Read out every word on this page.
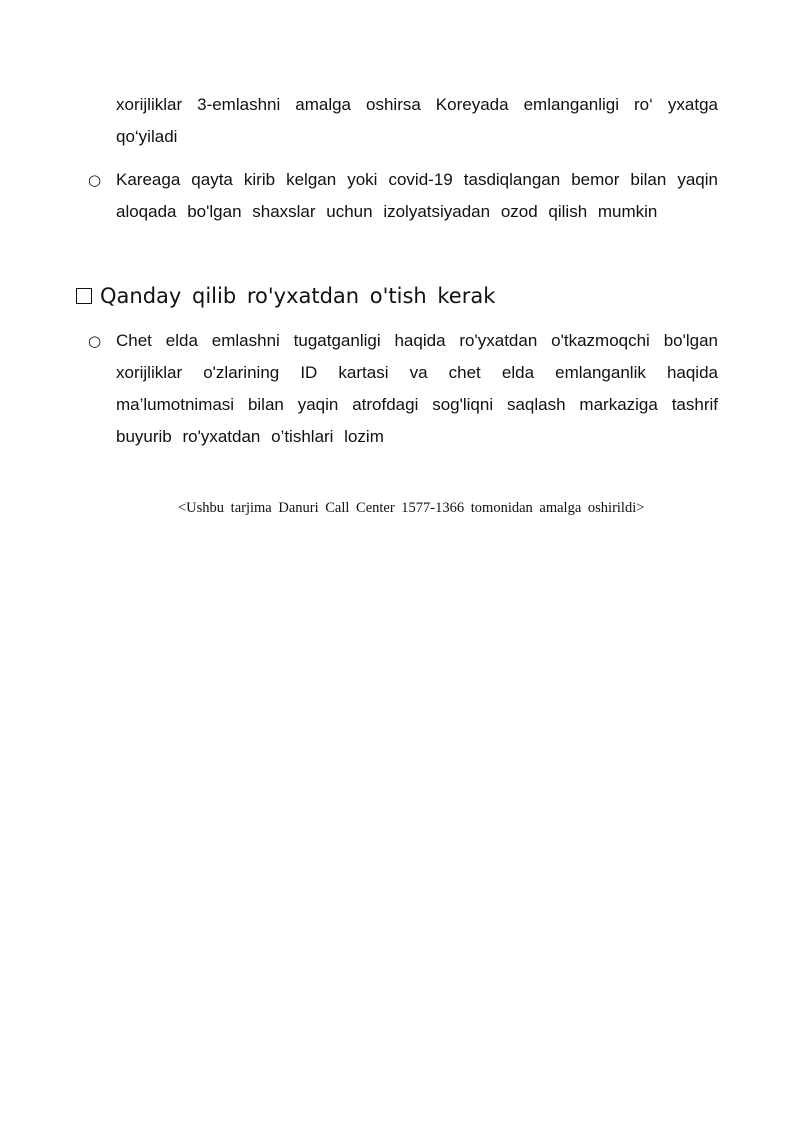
xorijliklar 3-emlashni amalga oshirsa Koreyada emlanganligi ro‘ yxatga qo‘yiladi
○ Kareaga qayta kirib kelgan yoki covid-19 tasdiqlangan bemor bilan yaqin aloqada bo'lgan shaxslar uchun izolyatsiyadan ozod qilish mumkin
Qanday qilib ro'yxatdan o'tish kerak
○ Chet elda emlashni tugatganligi haqida ro'yxatdan o'tkazmoqchi bo'lgan xorijliklar o'zlarining ID kartasi va chet elda emlanganlik haqida ma’lumotnimasi bilan yaqin atrofdagi sog'liqni saqlash markaziga tashrif buyurib ro'yxatdan o’tishlari lozim
<Ushbu tarjima Danuri Call Center 1577-1366 tomonidan amalga oshirildi>
